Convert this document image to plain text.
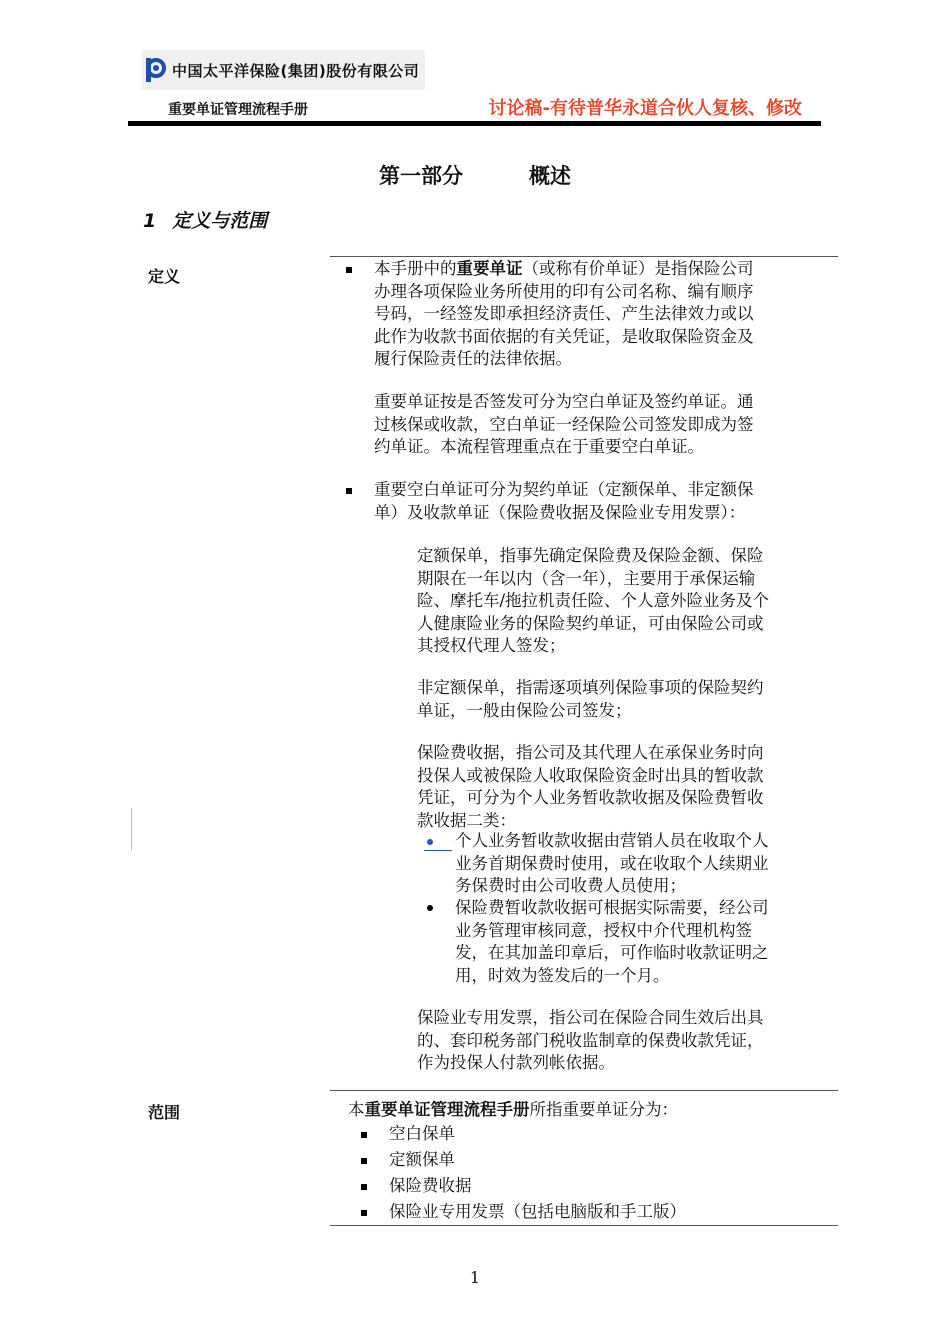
中国太平洋保险(集团)股份有限公司
重要单证管理流程手册	讨论稿-有待普华永道合伙人复核、修改
第一部分	概述
1 定义与范围
定义	本手册中的重要单证（或称有价单证）是指保险公司
办理各项保险业务所使用的印有公司名称、编有顺序
号码，一经签发即承担经济责任、产生法律效力或以
此作为收款书面依据的有关凭证，是收取保险资金及
履行保险责任的法律依据。
重要单证按是否签发可分为空白单证及签约单证。通
过核保或收款，空白单证一经保险公司签发即成为签
约单证。本流程管理重点在于重要空白单证。
重要空白单证可分为契约单证（定额保单、非定额保
单）及收款单证（保险费收据及保险业专用发票）：
定额保单，指事先确定保险费及保险金额、保险
期限在一年以内（含一年），主要用于承保运输
险、摩托车/拖拉机责任险、个人意外险业务及个
人健康险业务的保险契约单证，可由保险公司或
其授权代理人签发；
非定额保单，指需逐项填列保险事项的保险契约
单证，一般由保险公司签发；
保险费收据，指公司及其代理人在承保业务时向
投保人或被保险人收取保险资金时出具的暂收款
凭证，可分为个人业务暂收款收据及保险费暂收
款收据二类：
个人业务暂收款收据由营销人员在收取个人
业务首期保费时使用，或在收取个人续期业
务保费时由公司收费人员使用；
保险费暂收款收据可根据实际需要，经公司
业务管理审核同意，授权中介代理机构签
发，在其加盖印章后，可作临时收款证明之
用，时效为签发后的一个月。
保险业专用发票，指公司在保险合同生效后出具
的、套印税务部门税收监制章的保费收款凭证，
作为投保人付款列帐依据。
范围	本重要单证管理流程手册所指重要单证分为：
空白保单
定额保单
保险费收据
保险业专用发票（包括电脑版和手工版）
1
